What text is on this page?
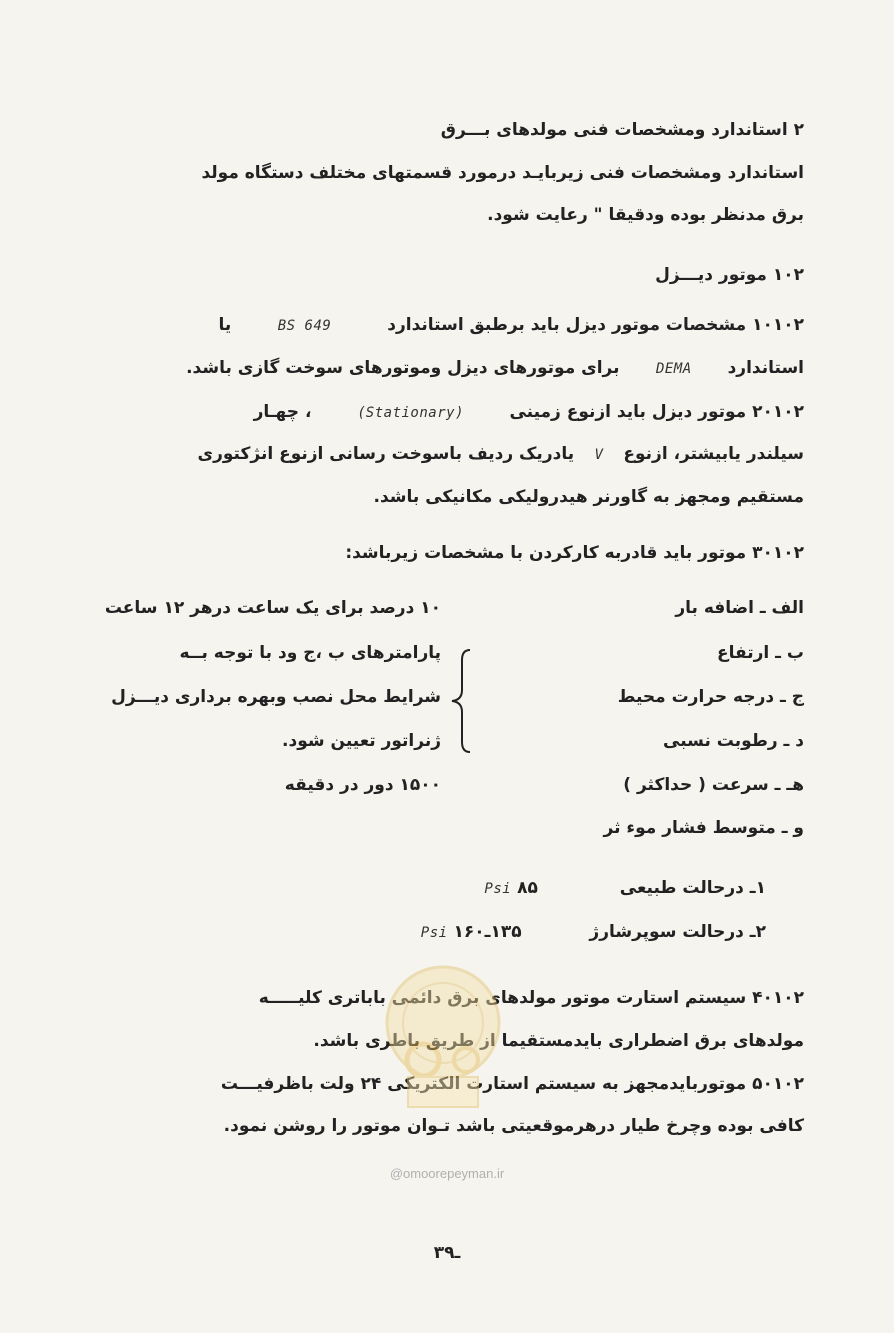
۲ استاندارد ومشخصات فنی مولدهای بـــرق
استاندارد ومشخصات فنی زیربایـد درمورد قسمتهای مختلف دستگاه مولد
برق مدنظر بوده ودقیقا " رعایت شود.
۱۰۲ موتور دیـــزل
۱۰۱۰۲ مشخصات موتور دیزل باید برطبق استاندارد BS 649 یا
استاندارد DEMA برای موتورهای دیزل وموتورهای سوخت گازی باشد.
۲۰۱۰۲ موتور دیزل باید ازنوع زمینی (Stationary) ، چهـار
سیلندر یابیشتر، ازنوع V یادریک ردیف باسوخت رسانی ازنوع انژکتوری
مستقیم ومجهز به گاورنر هیدرولیکی مکانیکی باشد.
۳۰۱۰۲ موتور باید قادربه کارکردن با مشخصات زیرباشد:
الف ـ اضافه بار
ب ـ ارتفاع
ج ـ درجه حرارت محیط
د ـ رطوبت نسبی
هـ ـ سرعت ( حداکثر )
و ـ متوسط فشار موء ثر
۱۰ درصد برای یک ساعت درهر ۱۲ ساعت
پارامترهای ب ،ج ود با توجه بــه
شرایط محل نصب وبهره برداری دیـــزل
ژنراتور تعیین شود.
۱۵۰۰ دور در دقیقه
۱ـ درحالت طبیعی  ۸۵ Psi
۲ـ درحالت سوپرشارژ  ۱۳۵ـ۱۶۰ Psi
۴۰۱۰۲ سیستم استارت موتور مولدهای برق دائمی باباتری کلیـــــه
مولدهای برق اضطراری بایدمستقیما از طریق باطری باشد.
۵۰۱۰۲ موتوربایدمجهز به سیستم استارت الکتریکی ۲۴ ولت باظرفیـــت
کافی بوده وچرخ طیار درهرموقعیتی باشد تـوان موتور را روشن نمود.
@omoorepeyman.ir
۳ـ۹
